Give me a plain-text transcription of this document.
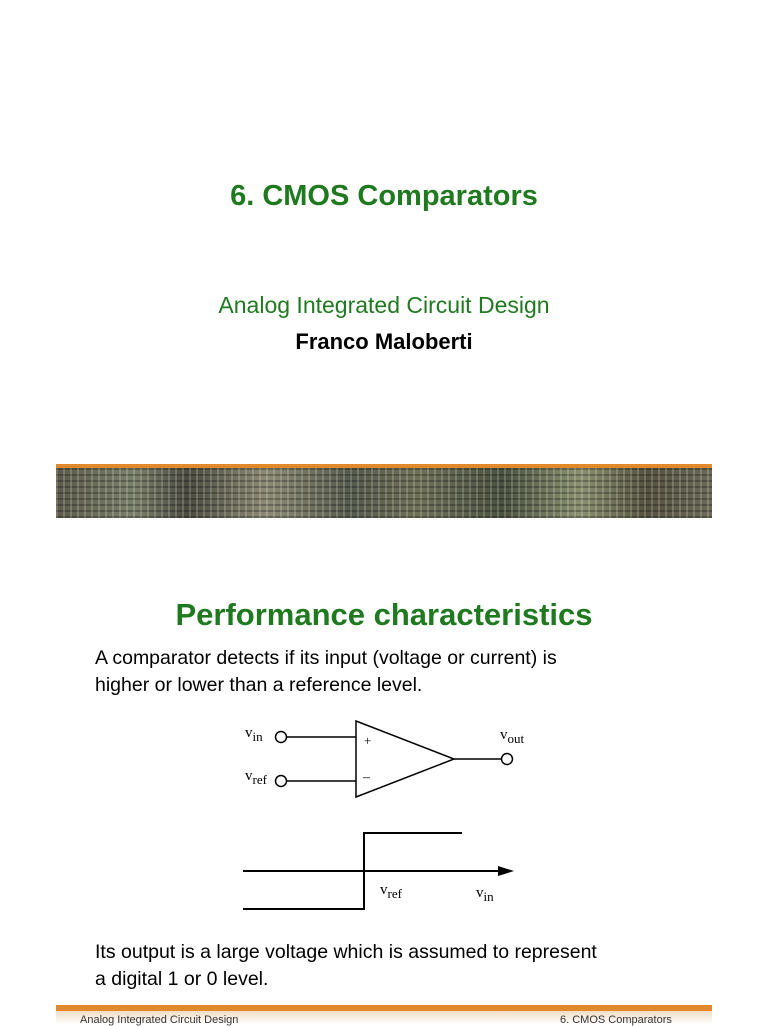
6. CMOS Comparators
Analog Integrated Circuit Design
Franco Maloberti
Performance characteristics
A comparator detects if its input (voltage or current) is
higher or lower than a reference level.
+
–
vin
vref
vout
vref	vin
Its output is a large voltage which is assumed to represent
a digital 1 or 0 level.
Analog Integrated Circuit Design	6. CMOS Comparators
